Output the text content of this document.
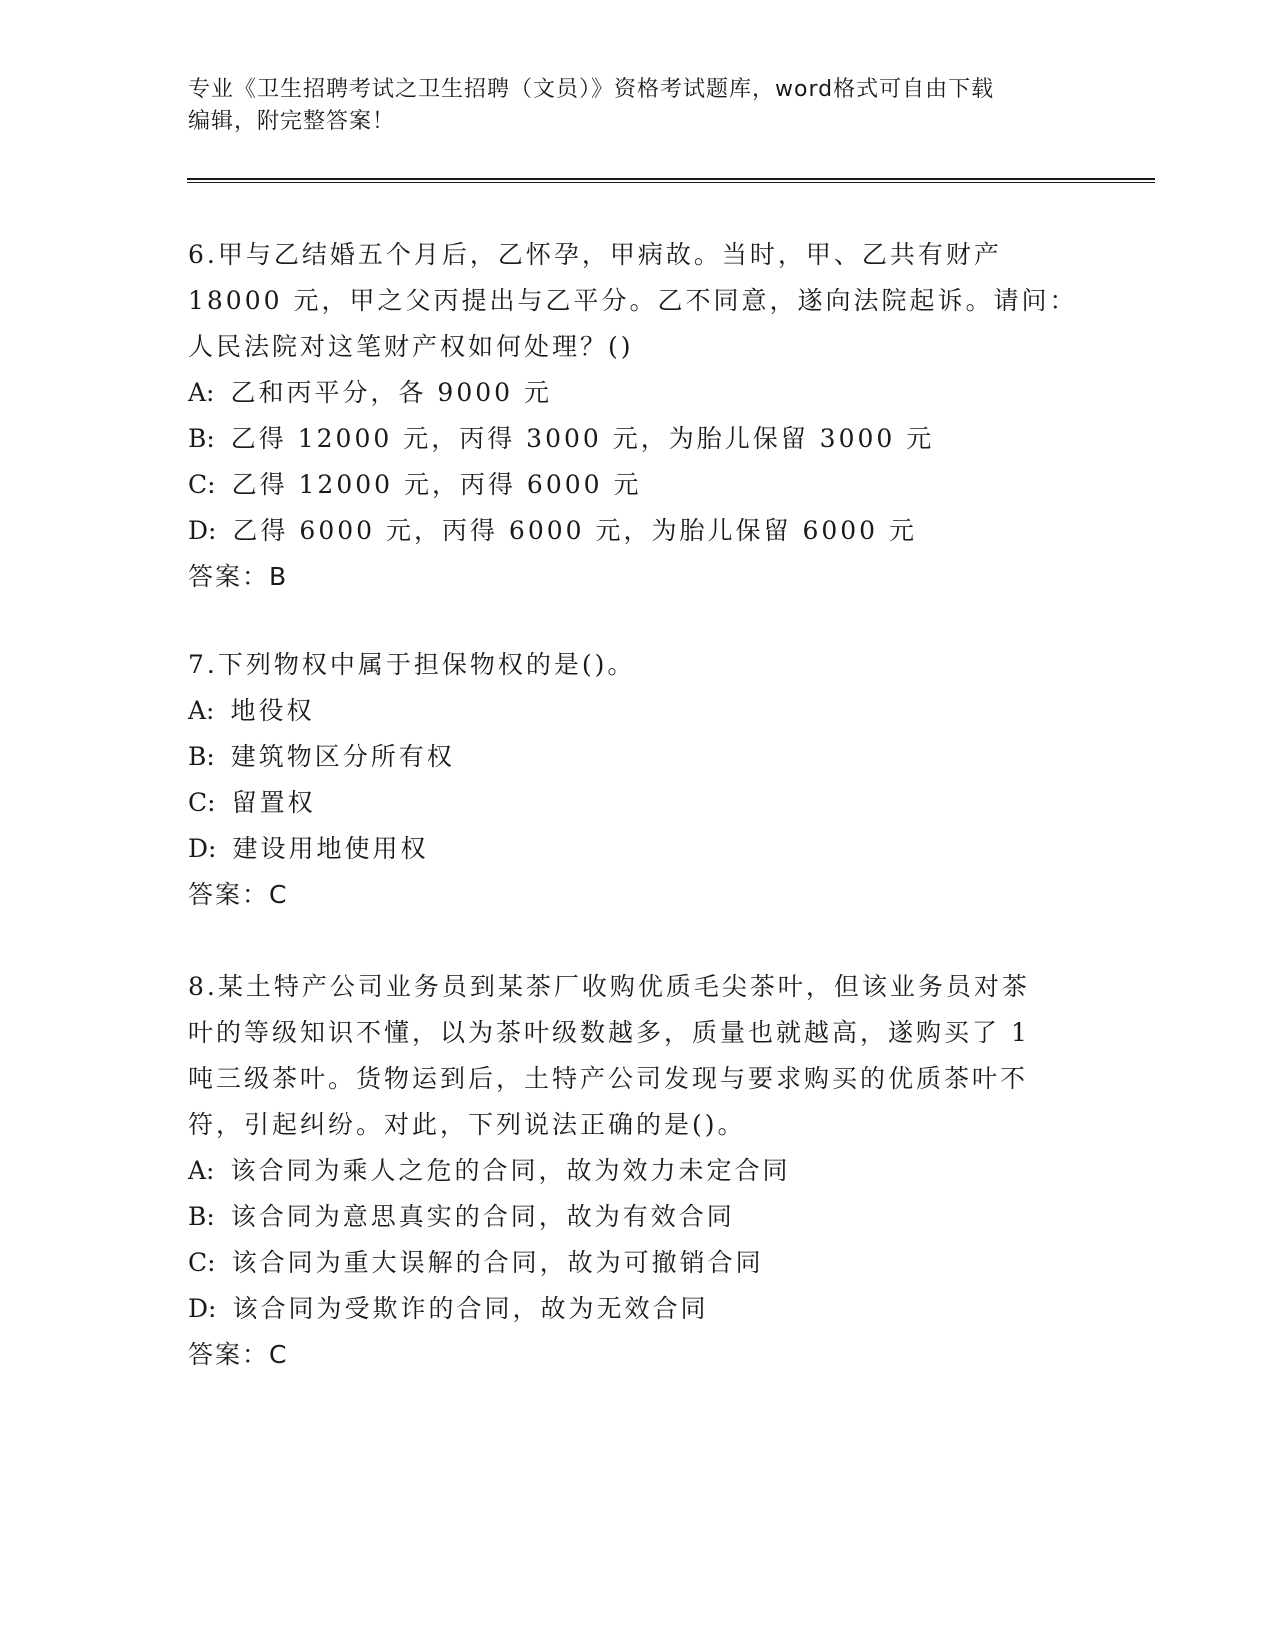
专业《卫生招聘考试之卫生招聘（文员）》资格考试题库，word格式可自由下载
编辑，附完整答案！
6.甲与乙结婚五个月后，乙怀孕，甲病故。当时，甲、乙共有财产
18000 元，甲之父丙提出与乙平分。乙不同意，遂向法院起诉。请问：
人民法院对这笔财产权如何处理？()
A: 乙和丙平分，各 9000 元
B: 乙得 12000 元，丙得 3000 元，为胎儿保留 3000 元
C: 乙得 12000 元，丙得 6000 元
D: 乙得 6000 元，丙得 6000 元，为胎儿保留 6000 元
答案：B
7.下列物权中属于担保物权的是()。
A: 地役权
B: 建筑物区分所有权
C: 留置权
D: 建设用地使用权
答案：C
8.某土特产公司业务员到某茶厂收购优质毛尖茶叶，但该业务员对茶
叶的等级知识不懂，以为茶叶级数越多，质量也就越高，遂购买了 1
吨三级茶叶。货物运到后，土特产公司发现与要求购买的优质茶叶不
符，引起纠纷。对此，下列说法正确的是()。
A: 该合同为乘人之危的合同，故为效力未定合同
B: 该合同为意思真实的合同，故为有效合同
C: 该合同为重大误解的合同，故为可撤销合同
D: 该合同为受欺诈的合同，故为无效合同
答案：C
